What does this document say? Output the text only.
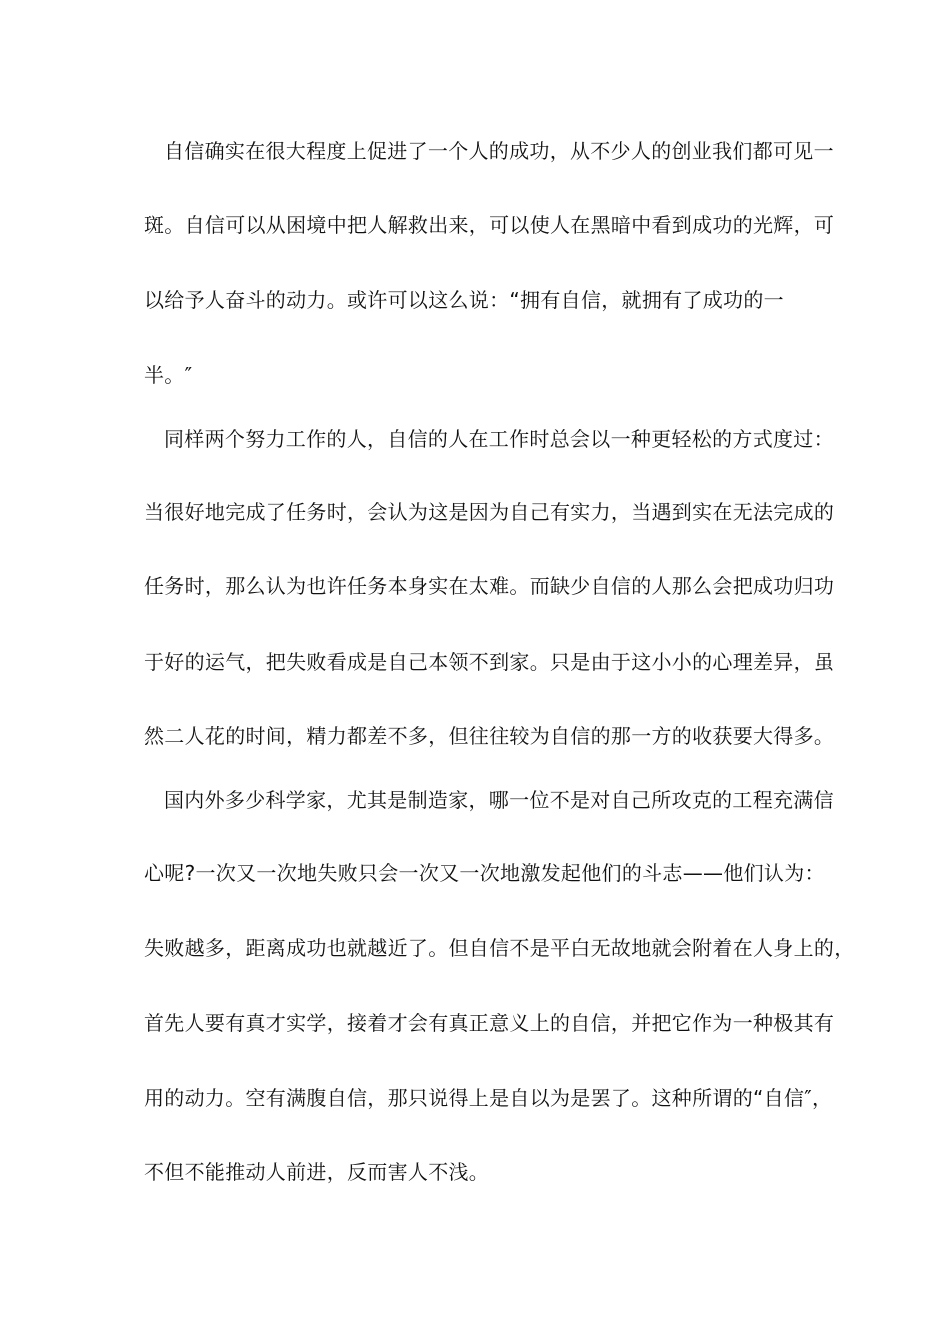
自信确实在很大程度上促进了一个人的成功，从不少人的创业我们都可见一
斑。自信可以从困境中把人解救出来，可以使人在黑暗中看到成功的光辉，可
以给予人奋斗的动力。或许可以这么说：“拥有自信，就拥有了成功的一
半。″
同样两个努力工作的人，自信的人在工作时总会以一种更轻松的方式度过：
当很好地完成了任务时，会认为这是因为自己有实力，当遇到实在无法完成的
任务时，那么认为也许任务本身实在太难。而缺少自信的人那么会把成功归功
于好的运气，把失败看成是自己本领不到家。只是由于这小小的心理差异，虽
然二人花的时间，精力都差不多，但往往较为自信的那一方的收获要大得多。
国内外多少科学家，尤其是制造家，哪一位不是对自己所攻克的工程充满信
心呢?一次又一次地失败只会一次又一次地激发起他们的斗志——他们认为：
失败越多，距离成功也就越近了。但自信不是平白无故地就会附着在人身上的，
首先人要有真才实学，接着才会有真正意义上的自信，并把它作为一种极其有
用的动力。空有满腹自信，那只说得上是自以为是罢了。这种所谓的“自信″，
不但不能推动人前进，反而害人不浅。
